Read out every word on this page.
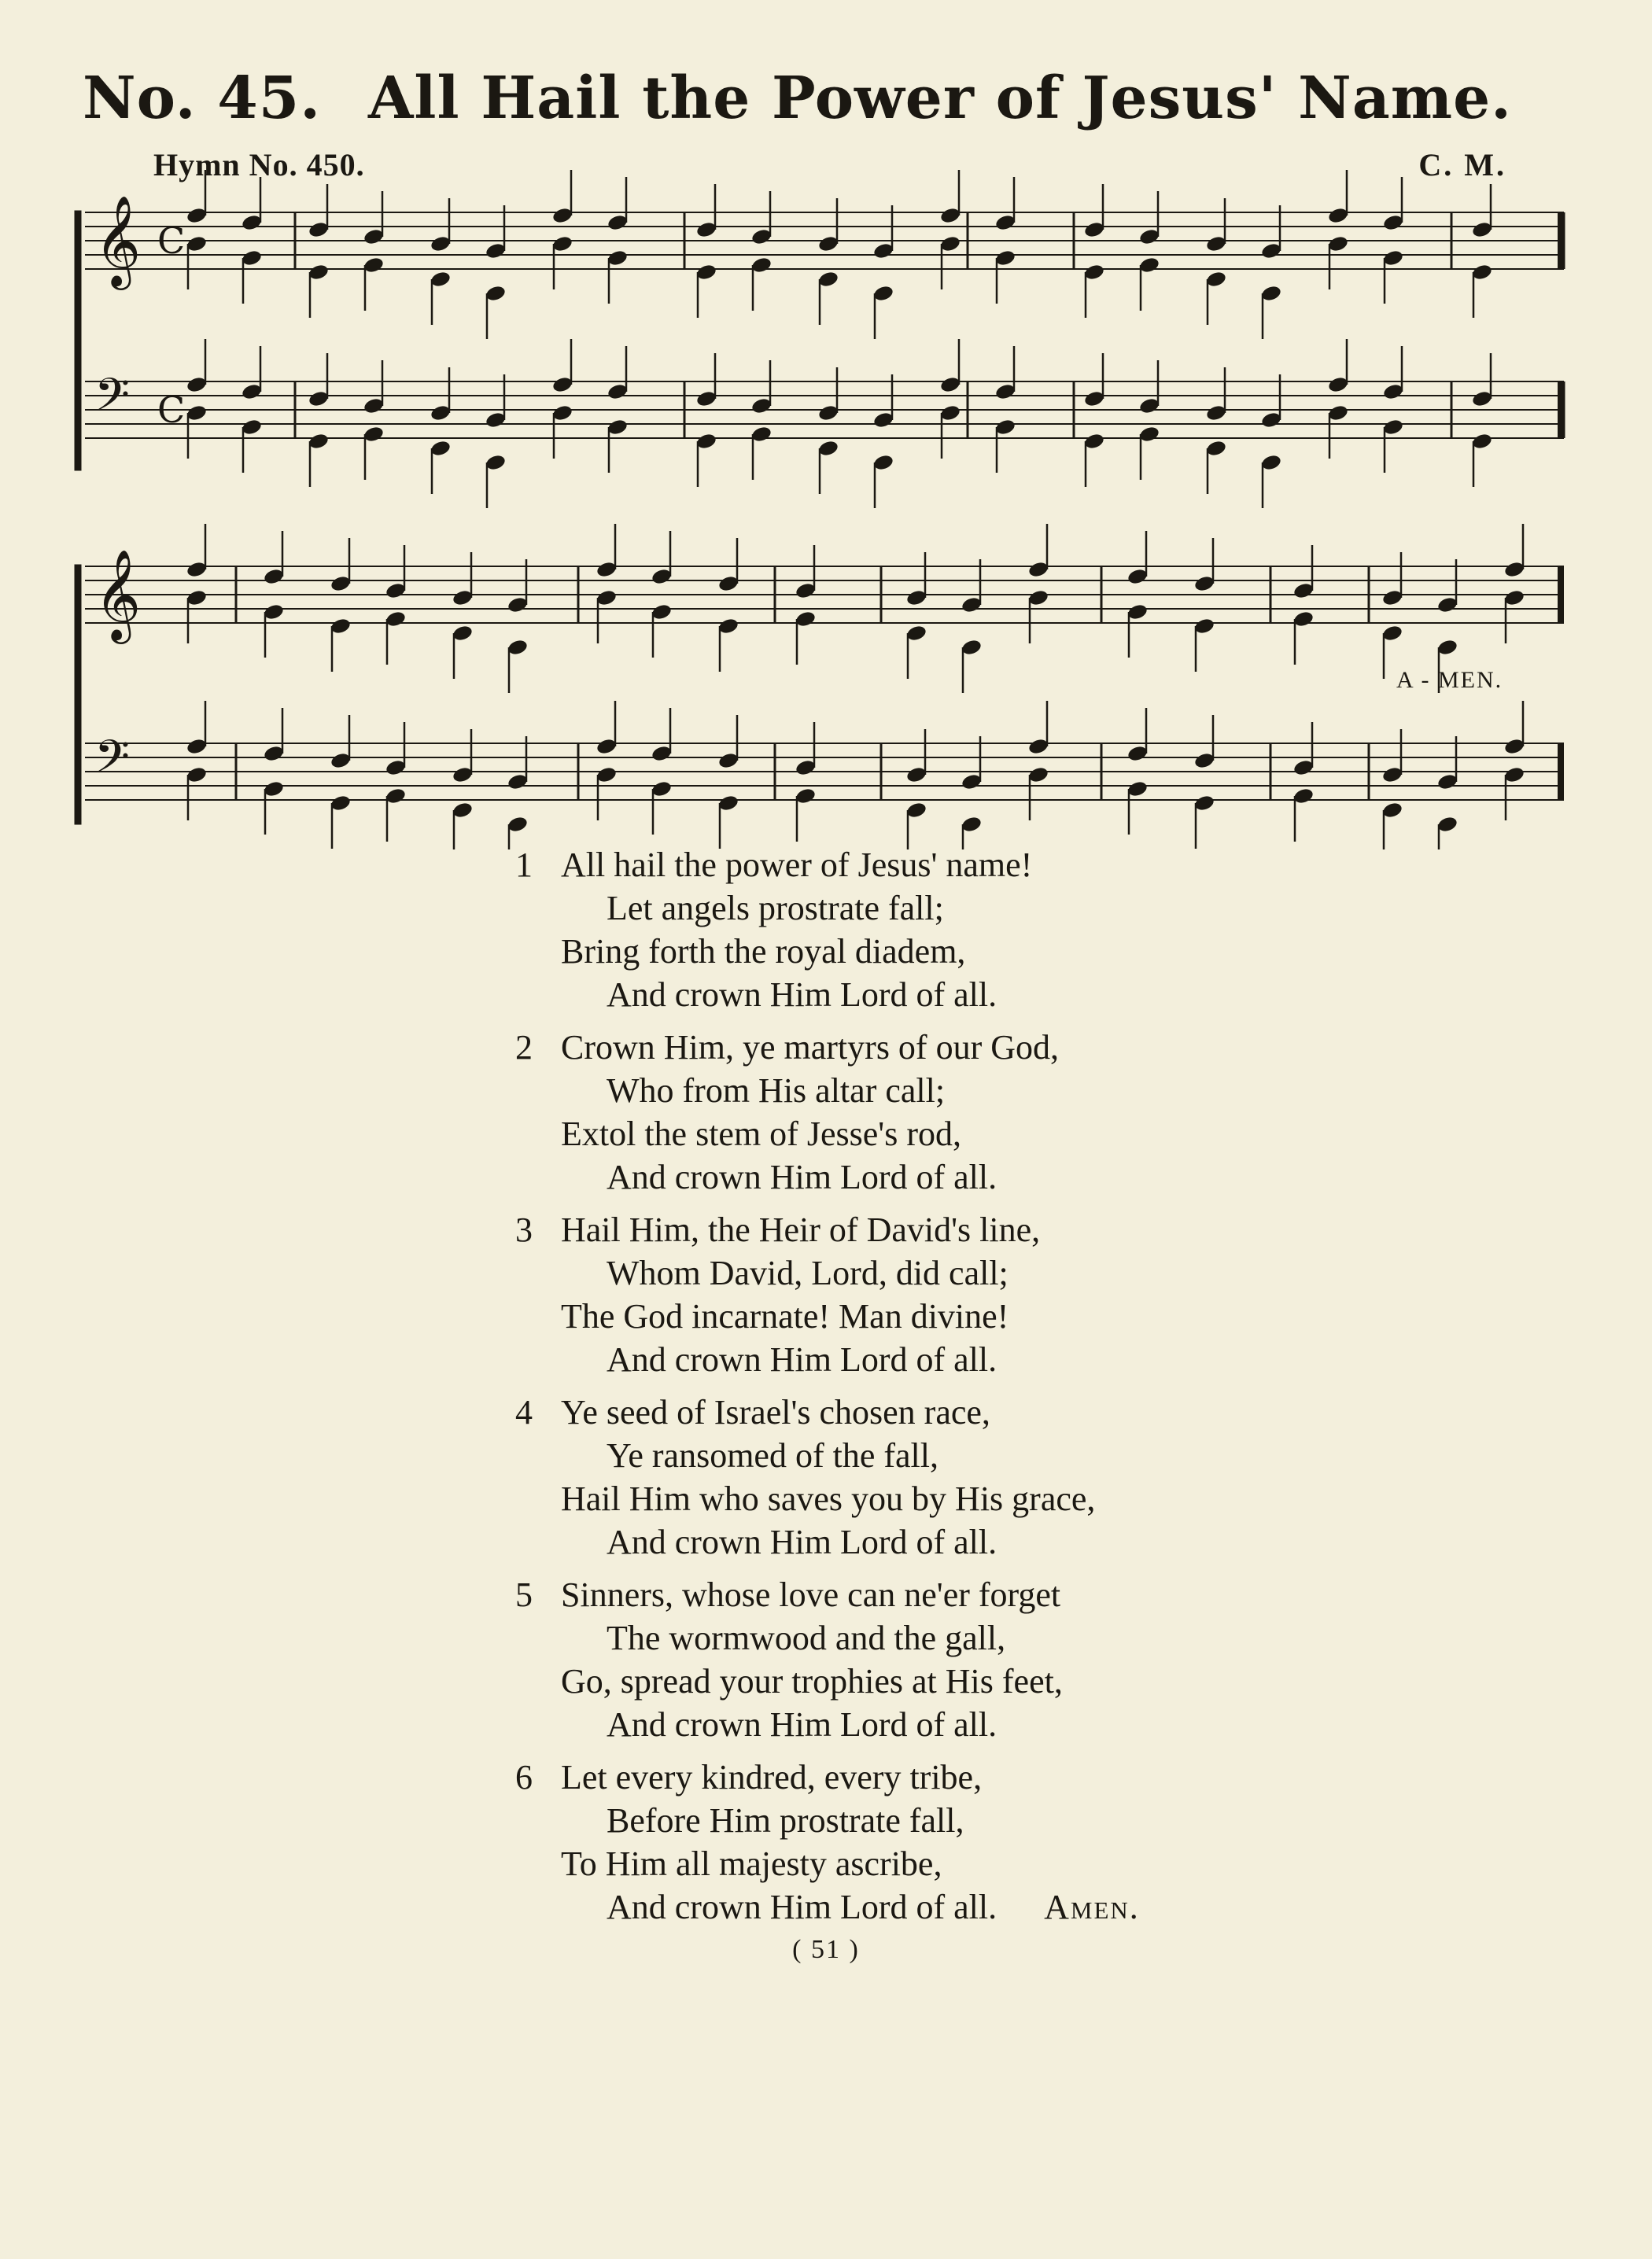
No. 45. All Hail the Power of Jesus' Name.
Hymn No. 450.	C. M.
𝄞 C
𝄢 C
𝄞
𝄢
A - MEN.
1 All hail the power of Jesus' name!
Let angels prostrate fall;
Bring forth the royal diadem,
And crown Him Lord of all.
2 Crown Him, ye martyrs of our God,
Who from His altar call;
Extol the stem of Jesse's rod,
And crown Him Lord of all.
3 Hail Him, the Heir of David's line,
Whom David, Lord, did call;
The God incarnate! Man divine!
And crown Him Lord of all.
4 Ye seed of Israel's chosen race,
Ye ransomed of the fall,
Hail Him who saves you by His grace,
And crown Him Lord of all.
5 Sinners, whose love can ne'er forget
The wormwood and the gall,
Go, spread your trophies at His feet,
And crown Him Lord of all.
6 Let every kindred, every tribe,
Before Him prostrate fall,
To Him all majesty ascribe,
And crown Him Lord of all. Amen.
( 51 )
